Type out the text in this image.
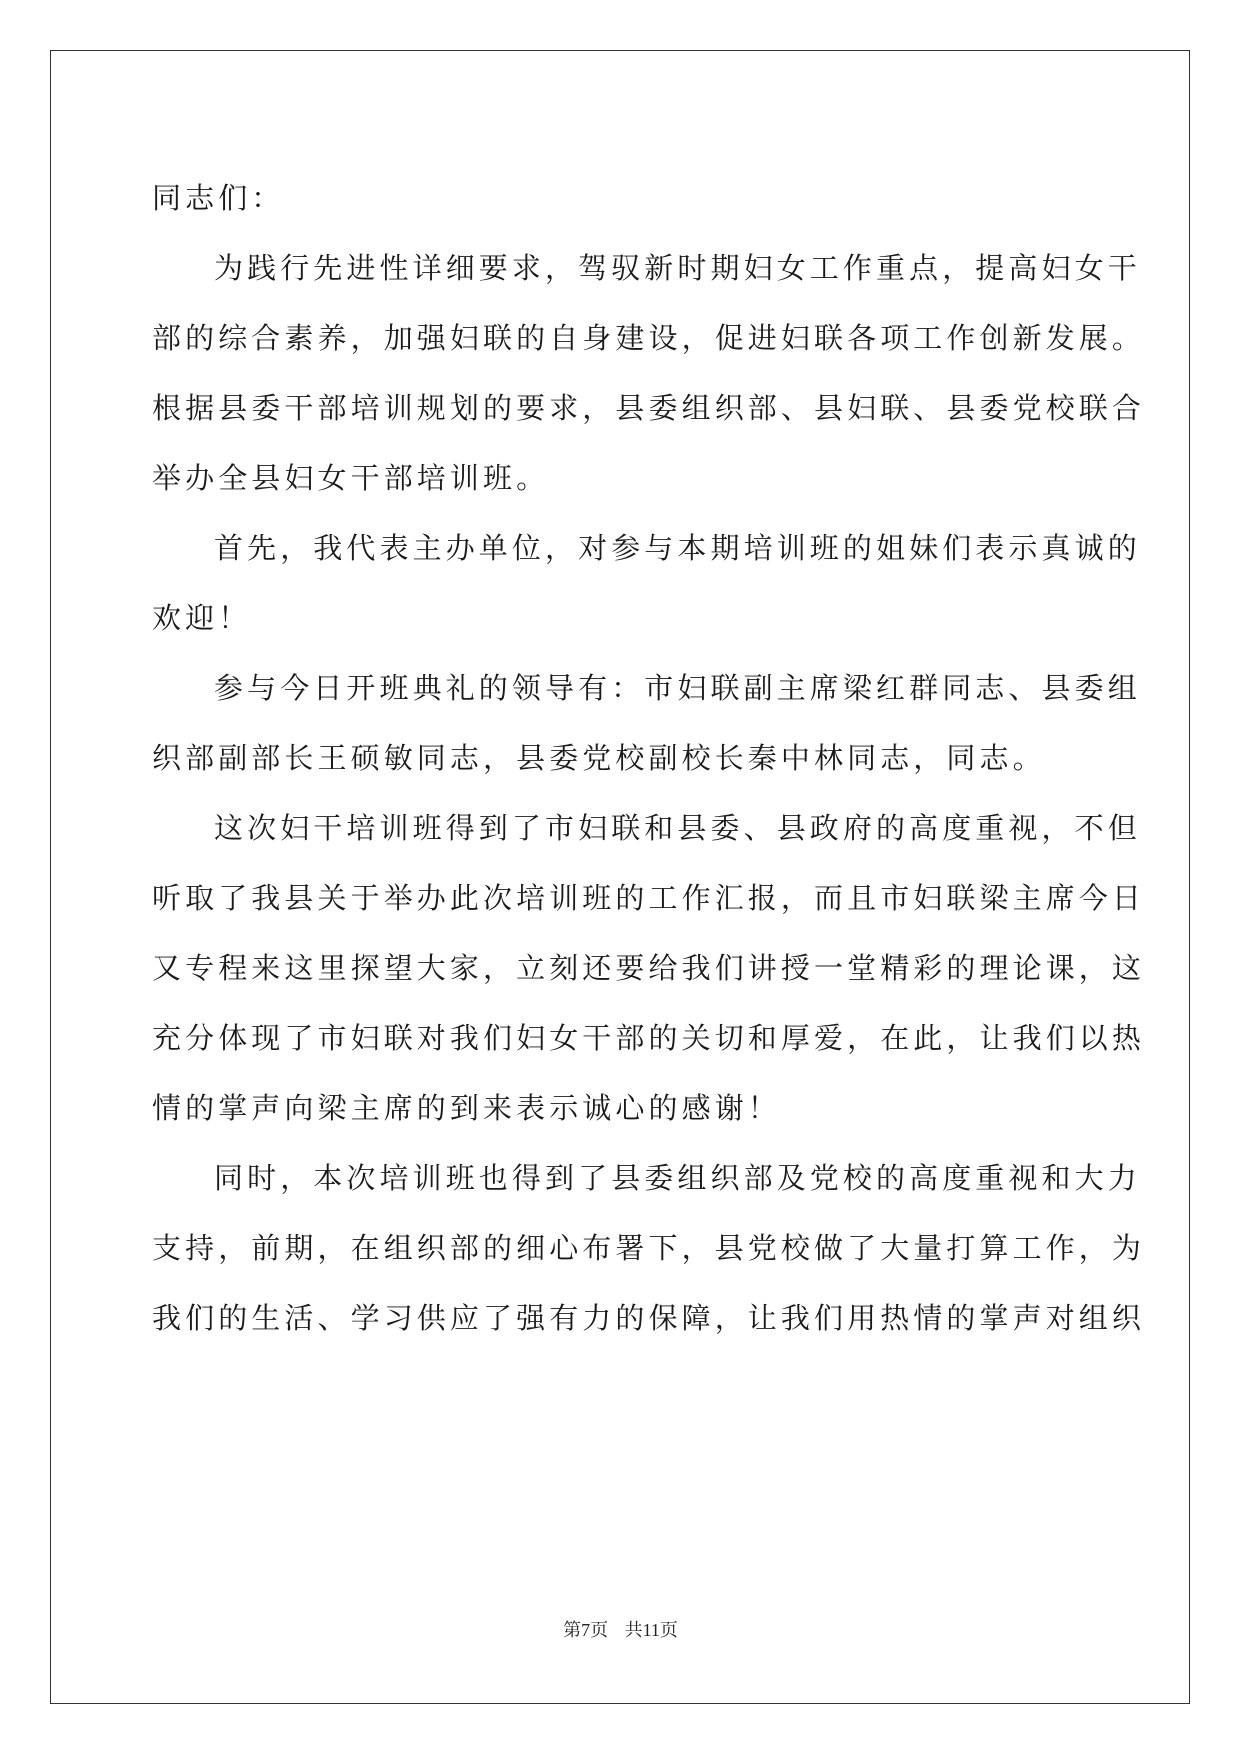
同志们：
为践行先进性详细要求，驾驭新时期妇女工作重点，提高妇女干
部的综合素养，加强妇联的自身建设，促进妇联各项工作创新发展。
根据县委干部培训规划的要求，县委组织部、县妇联、县委党校联合
举办全县妇女干部培训班。
首先，我代表主办单位，对参与本期培训班的姐妹们表示真诚的
欢迎！
参与今日开班典礼的领导有：市妇联副主席梁红群同志、县委组
织部副部长王硕敏同志，县委党校副校长秦中林同志，同志。
这次妇干培训班得到了市妇联和县委、县政府的高度重视，不但
听取了我县关于举办此次培训班的工作汇报，而且市妇联梁主席今日
又专程来这里探望大家，立刻还要给我们讲授一堂精彩的理论课，这
充分体现了市妇联对我们妇女干部的关切和厚爱，在此，让我们以热
情的掌声向梁主席的到来表示诚心的感谢！
同时，本次培训班也得到了县委组织部及党校的高度重视和大力
支持，前期，在组织部的细心布署下，县党校做了大量打算工作，为
我们的生活、学习供应了强有力的保障，让我们用热情的掌声对组织
第7页 共11页
